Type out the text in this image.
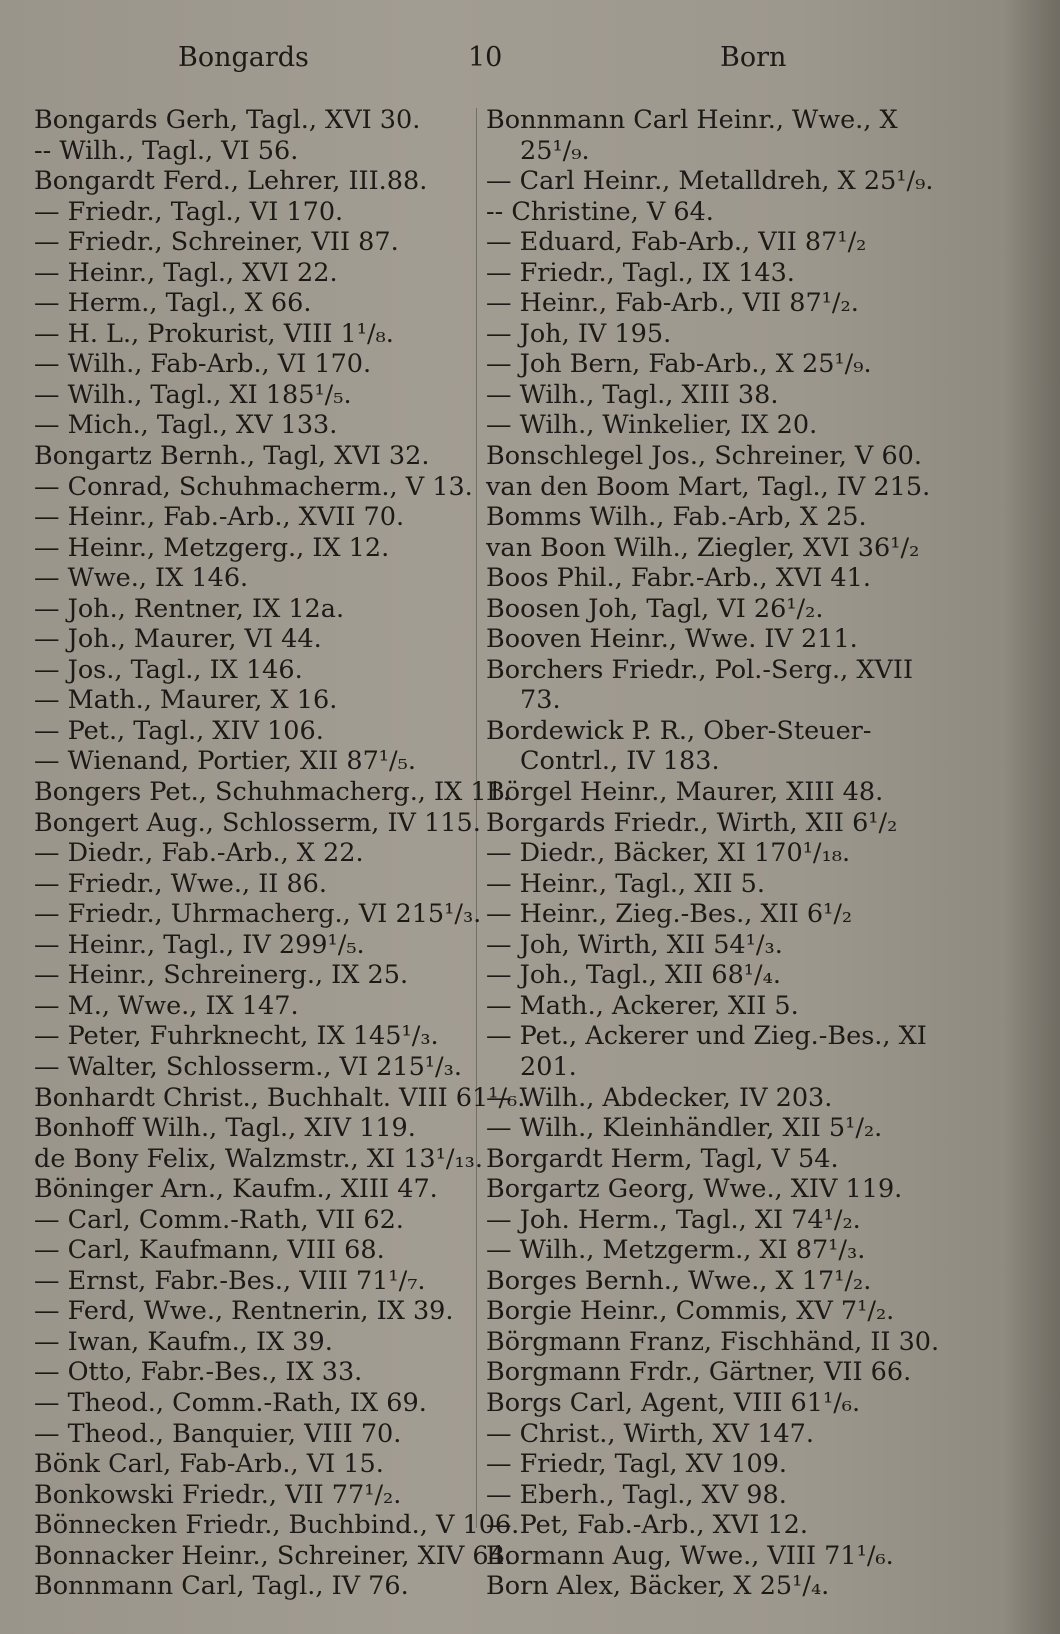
Bongards	10	Born
Bongards Gerh, Tagl., XVI 30.
-- Wilh., Tagl., VI 56.
Bongardt Ferd., Lehrer, III.88.
— Friedr., Tagl., VI 170.
— Friedr., Schreiner, VII 87.
— Heinr., Tagl., XVI 22.
— Herm., Tagl., X 66.
— H. L., Prokurist, VIII 1¹/₈.
— Wilh., Fab-Arb., VI 170.
— Wilh., Tagl., XI 185¹/₅.
— Mich., Tagl., XV 133.
Bongartz Bernh., Tagl, XVI 32.
— Conrad, Schuhmacherm., V 13.
— Heinr., Fab.-Arb., XVII 70.
— Heinr., Metzgerg., IX 12.
— Wwe., IX 146.
— Joh., Rentner, IX 12a.
— Joh., Maurer, VI 44.
— Jos., Tagl., IX 146.
— Math., Maurer, X 16.
— Pet., Tagl., XIV 106.
— Wienand, Portier, XII 87¹/₅.
Bongers Pet., Schuhmacherg., IX 11.
Bongert Aug., Schlosserm, IV 115.
— Diedr., Fab.-Arb., X 22.
— Friedr., Wwe., II 86.
— Friedr., Uhrmacherg., VI 215¹/₃.
— Heinr., Tagl., IV 299¹/₅.
— Heinr., Schreinerg., IX 25.
— M., Wwe., IX 147.
— Peter, Fuhrknecht, IX 145¹/₃.
— Walter, Schlosserm., VI 215¹/₃.
Bonhardt Christ., Buchhalt. VIII 61¹/₆.
Bonhoff Wilh., Tagl., XIV 119.
de Bony Felix, Walzmstr., XI 13¹/₁₃.
Böninger Arn., Kaufm., XIII 47.
— Carl, Comm.-Rath, VII 62.
— Carl, Kaufmann, VIII 68.
— Ernst, Fabr.-Bes., VIII 71¹/₇.
— Ferd, Wwe., Rentnerin, IX 39.
— Iwan, Kaufm., IX 39.
— Otto, Fabr.-Bes., IX 33.
— Theod., Comm.-Rath, IX 69.
— Theod., Banquier, VIII 70.
Bönk Carl, Fab-Arb., VI 15.
Bonkowski Friedr., VII 77¹/₂.
Bönnecken Friedr., Buchbind., V 106.
Bonnacker Heinr., Schreiner, XIV 64.
Bonnmann Carl, Tagl., IV 76.
Bonnmann Carl Heinr., Wwe., X
25¹/₉.
— Carl Heinr., Metalldreh, X 25¹/₉.
-- Christine, V 64.
— Eduard, Fab-Arb., VII 87¹/₂
— Friedr., Tagl., IX 143.
— Heinr., Fab-Arb., VII 87¹/₂.
— Joh, IV 195.
— Joh Bern, Fab-Arb., X 25¹/₉.
— Wilh., Tagl., XIII 38.
— Wilh., Winkelier, IX 20.
Bonschlegel Jos., Schreiner, V 60.
van den Boom Mart, Tagl., IV 215.
Bomms Wilh., Fab.-Arb, X 25.
van Boon Wilh., Ziegler, XVI 36¹/₂
Boos Phil., Fabr.-Arb., XVI 41.
Boosen Joh, Tagl, VI 26¹/₂.
Booven Heinr., Wwe. IV 211.
Borchers Friedr., Pol.-Serg., XVII
73.
Bordewick P. R., Ober-Steuer-
Contrl., IV 183.
Börgel Heinr., Maurer, XIII 48.
Borgards Friedr., Wirth, XII 6¹/₂
— Diedr., Bäcker, XI 170¹/₁₈.
— Heinr., Tagl., XII 5.
— Heinr., Zieg.-Bes., XII 6¹/₂
— Joh, Wirth, XII 54¹/₃.
— Joh., Tagl., XII 68¹/₄.
— Math., Ackerer, XII 5.
— Pet., Ackerer und Zieg.-Bes., XI
201.
— Wilh., Abdecker, IV 203.
— Wilh., Kleinhändler, XII 5¹/₂.
Borgardt Herm, Tagl, V 54.
Borgartz Georg, Wwe., XIV 119.
— Joh. Herm., Tagl., XI 74¹/₂.
— Wilh., Metzgerm., XI 87¹/₃.
Borges Bernh., Wwe., X 17¹/₂.
Borgie Heinr., Commis, XV 7¹/₂.
Börgmann Franz, Fischhänd, II 30.
Borgmann Frdr., Gärtner, VII 66.
Borgs Carl, Agent, VIII 61¹/₆.
— Christ., Wirth, XV 147.
— Friedr, Tagl, XV 109.
— Eberh., Tagl., XV 98.
— Pet, Fab.-Arb., XVI 12.
Bormann Aug, Wwe., VIII 71¹/₆.
Born Alex, Bäcker, X 25¹/₄.
